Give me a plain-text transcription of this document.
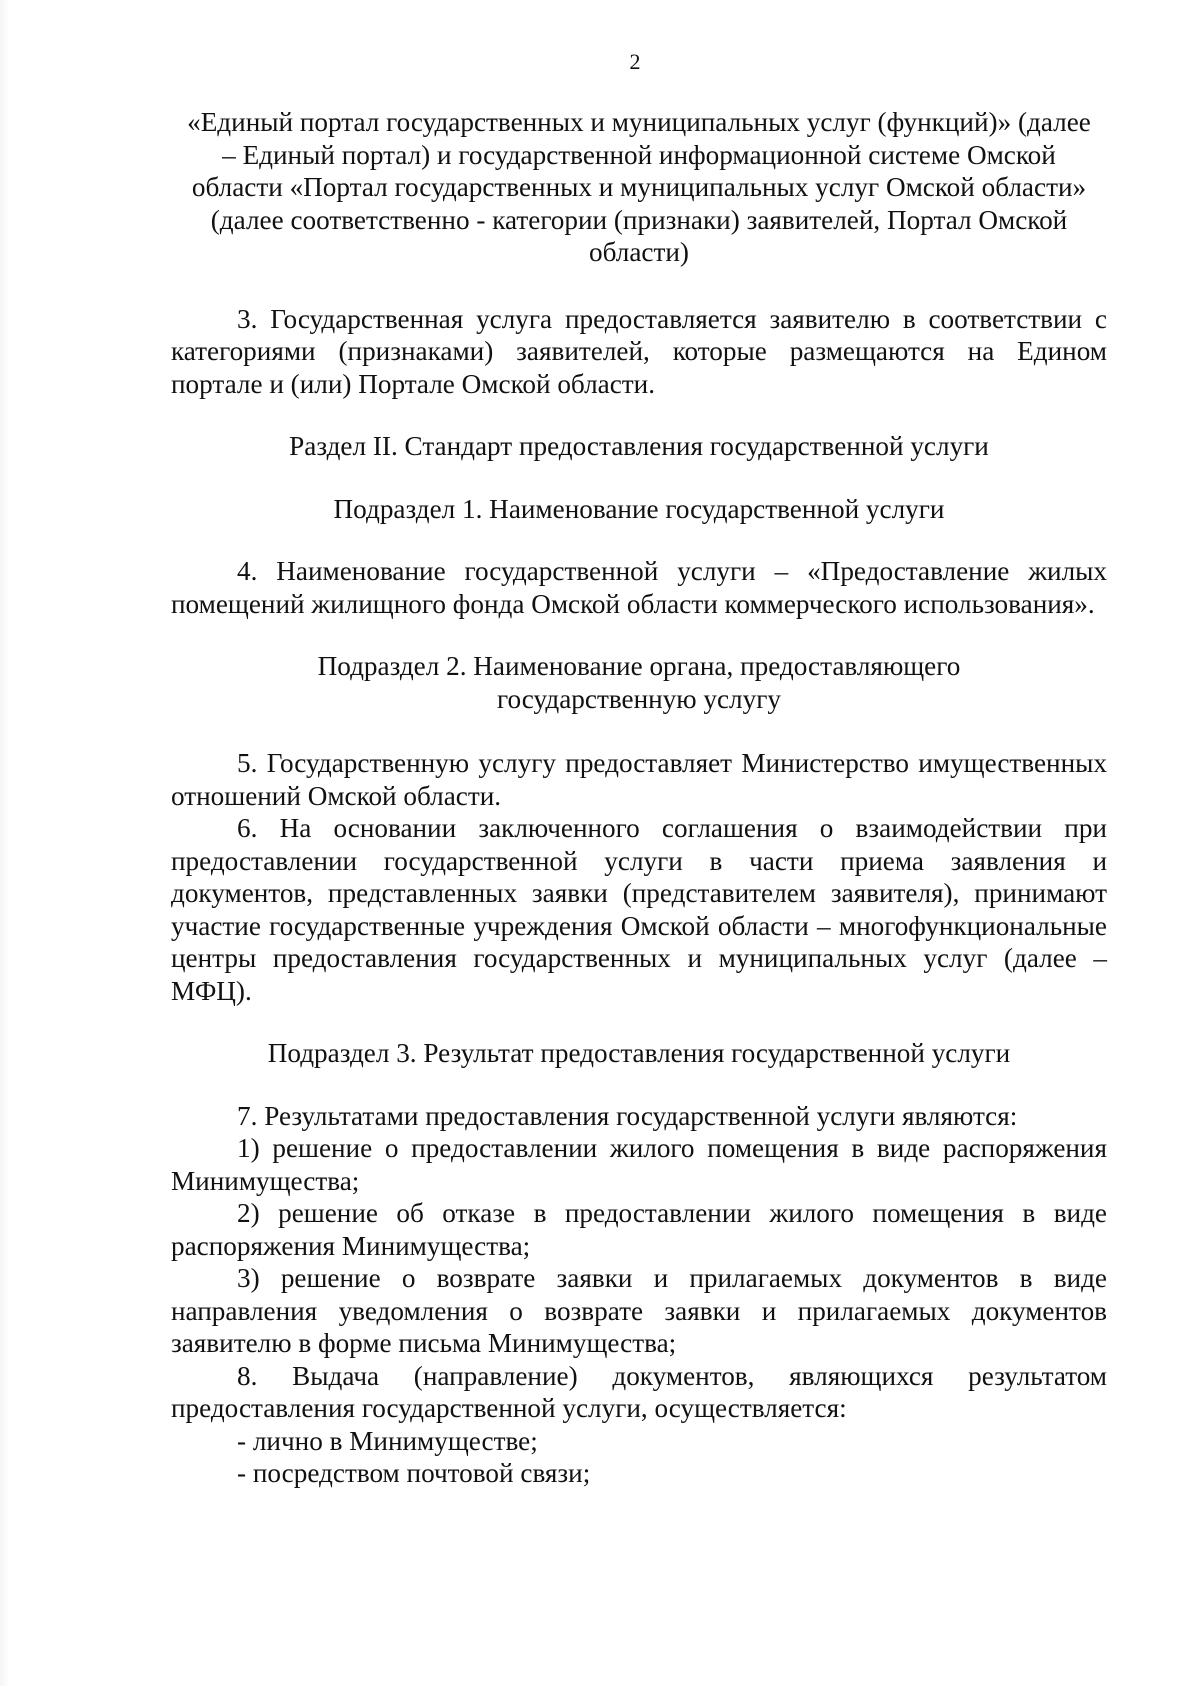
2
«Единый портал государственных и муниципальных услуг (функций)» (далее
– Единый портал) и государственной информационной системе Омской
области «Портал государственных и муниципальных услуг Омской области»
(далее соответственно - категории (признаки) заявителей, Портал Омской
области)

3. Государственная услуга предоставляется заявителю в соответствии с категориями (признаками) заявителей, которые размещаются на Едином портале и (или) Портале Омской области.

Раздел II. Стандарт предоставления государственной услуги

Подраздел 1. Наименование государственной услуги

4. Наименование государственной услуги – «Предоставление жилых помещений жилищного фонда Омской области коммерческого использования».

Подраздел 2. Наименование органа, предоставляющего
государственную услугу

5. Государственную услугу предоставляет Министерство имущественных отношений Омской области.

6. На основании заключенного соглашения о взаимодействии при предоставлении государственной услуги в части приема заявления и документов, представленных заявки (представителем заявителя), принимают участие государственные учреждения Омской области – многофункциональные центры предоставления государственных и муниципальных услуг (далее – МФЦ).

Подраздел 3. Результат предоставления государственной услуги

7. Результатами предоставления государственной услуги являются:

1) решение о предоставлении жилого помещения в виде распоряжения Минимущества;

2) решение об отказе в предоставлении жилого помещения в виде распоряжения Минимущества;

3) решение о возврате заявки и прилагаемых документов в виде направления уведомления о возврате заявки и прилагаемых документов заявителю в форме письма Минимущества;

8. Выдача (направление) документов, являющихся результатом предоставления государственной услуги, осуществляется:

- лично в Минимуществе;

- посредством почтовой связи;
